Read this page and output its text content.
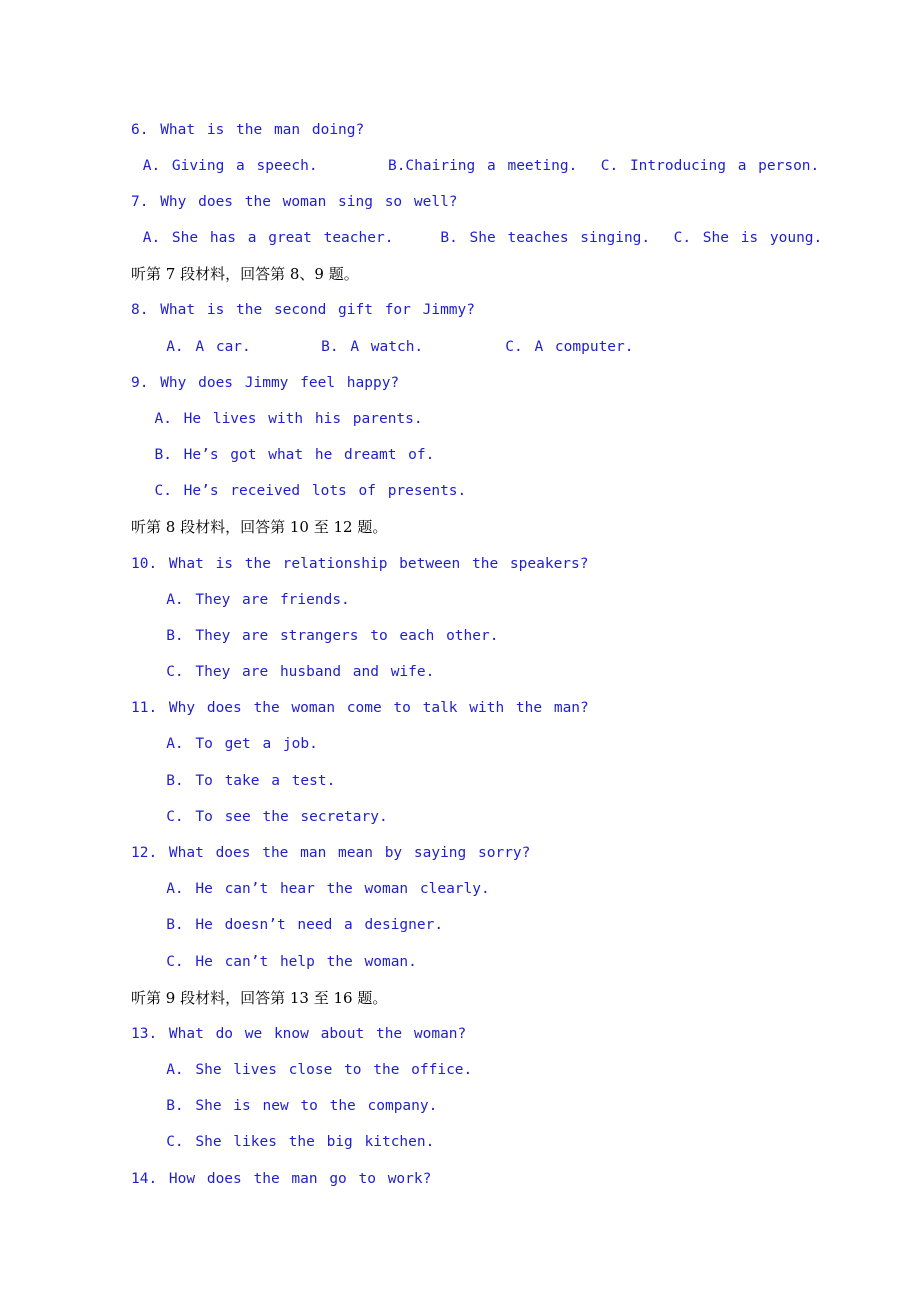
6. What is the man doing?
A. Giving a speech.      B.Chairing a meeting.  C. Introducing a person.
7. Why does the woman sing so well?
A. She has a great teacher.    B. She teaches singing.  C. She is young.
听第 7 段材料，回答第 8、9 题。
8. What is the second gift for Jimmy?
A. A car.      B. A watch.       C. A computer.
9. Why does Jimmy feel happy?
A. He lives with his parents.
B. He’s got what he dreamt of.
C. He’s received lots of presents.
听第 8 段材料，回答第 10 至 12 题。
10. What is the relationship between the speakers?
A. They are friends.
B. They are strangers to each other.
C. They are husband and wife.
11. Why does the woman come to talk with the man?
A. To get a job.
B. To take a test.
C. To see the secretary.
12. What does the man mean by saying sorry?
A. He can’t hear the woman clearly.
B. He doesn’t need a designer.
C. He can’t help the woman.
听第 9 段材料，回答第 13 至 16 题。
13. What do we know about the woman?
A. She lives close to the office.
B. She is new to the company.
C. She likes the big kitchen.
14. How does the man go to work?
